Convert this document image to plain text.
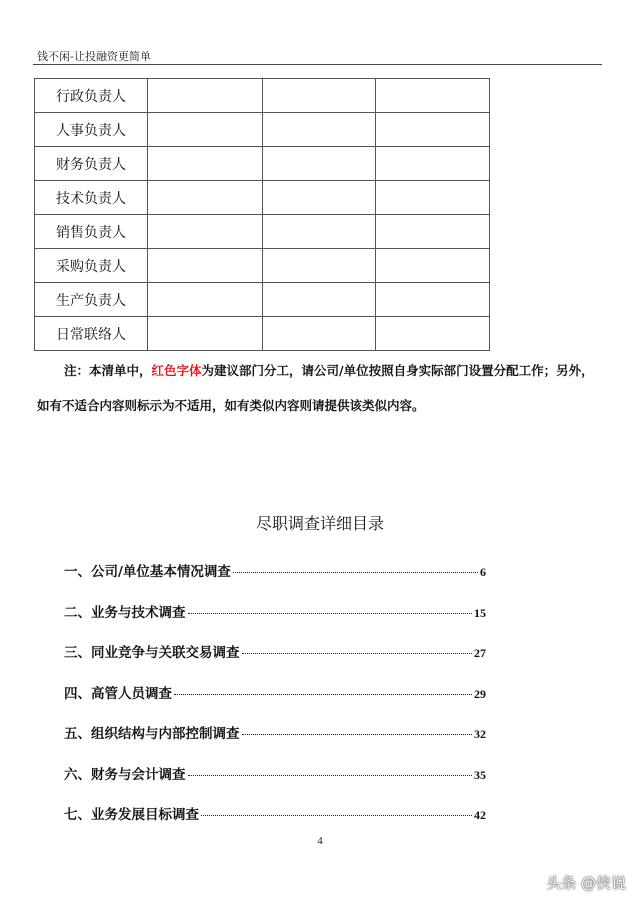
钱不闲-让投融资更简单
行政负责人			
人事负责人			
财务负责人			
技术负责人			
销售负责人			
采购负责人			
生产负责人			
日常联络人			
注：本清单中，红色字体为建议部门分工，请公司/单位按照自身实际部门设置分配工作；另外，
如有不适合内容则标示为不适用，如有类似内容则请提供该类似内容。
尽职调查详细目录
一、公司/单位基本情况调查	6
二、业务与技术调查	15
三、同业竞争与关联交易调查	27
四、高管人员调查	29
五、组织结构与内部控制调查	32
六、财务与会计调查	35
七、业务发展目标调查	42
4
头条 @侠说
